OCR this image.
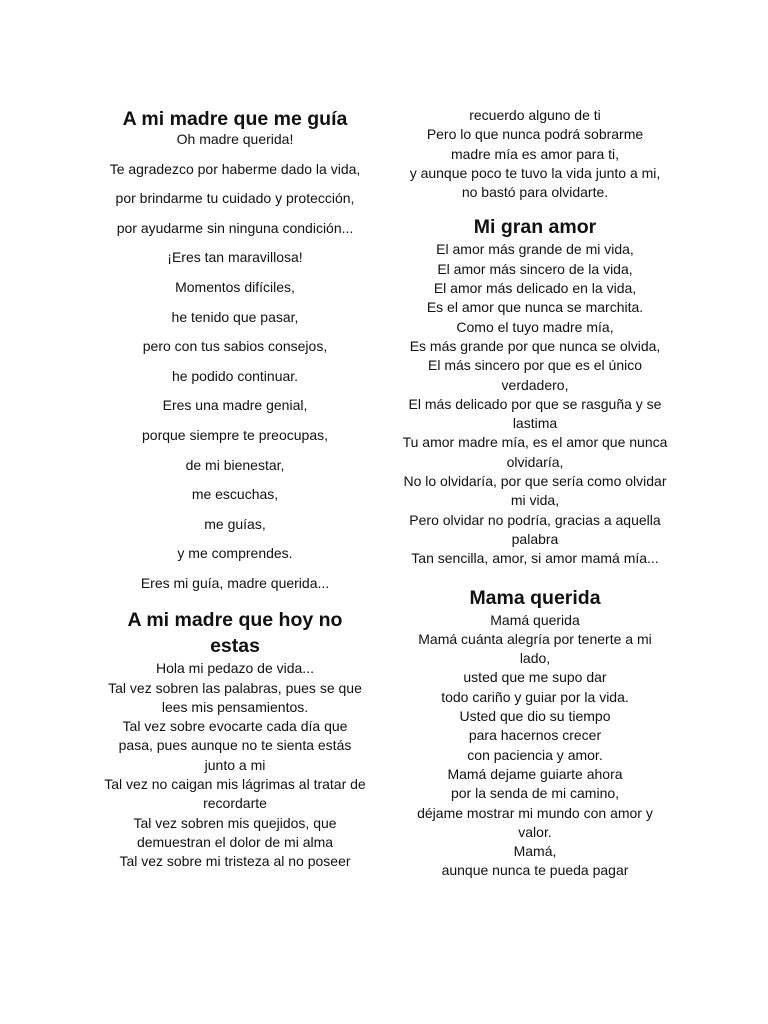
A mi madre que me guía

Oh madre querida!

Te agradezco por haberme dado la vida,

por brindarme tu cuidado y protección,

por ayudarme sin ninguna condición...

¡Eres tan maravillosa!

Momentos difíciles,

he tenido que pasar,

pero con tus sabios consejos,

he podido continuar.

Eres una madre genial,

porque siempre te preocupas,

de mi bienestar,

me escuchas,

me guías,

y me comprendes.

Eres mi guía, madre querida...

A mi madre que hoy no estas

Hola mi pedazo de vida...

Tal vez sobren las palabras, pues se que lees mis pensamientos.

Tal vez sobre evocarte cada día que pasa, pues aunque no te sienta estás junto a mi

Tal vez no caigan mis lágrimas al tratar de recordarte

Tal vez sobren mis quejidos, que demuestran el dolor de mi alma

Tal vez sobre mi tristeza al no poseer

recuerdo alguno de ti

Pero lo que nunca podrá sobrarme

madre mía es amor para ti,

y aunque poco te tuvo la vida junto a mi, no bastó para olvidarte.

Mi gran amor

El amor más grande de mi vida,

El amor más sincero de la vida,

El amor más delicado en la vida,

Es el amor que nunca se marchita.

Como el tuyo madre mía,

Es más grande por que nunca se olvida,

El más sincero por que es el único verdadero,

El más delicado por que se rasguña y se lastima

Tu amor madre mía, es el amor que nunca olvidaría,

No lo olvidaría, por que sería como olvidar mi vida,

Pero olvidar no podría, gracias a aquella palabra

Tan sencilla, amor, si amor mamá mía...

Mama querida

Mamá querida

Mamá cuánta alegría por tenerte a mi lado,

usted que me supo dar

todo cariño y guiar por la vida.

Usted que dio su tiempo

para hacernos crecer

con paciencia y amor.

Mamá dejame guiarte ahora

por la senda de mi camino,

déjame mostrar mi mundo con amor y valor.

Mamá,

aunque nunca te pueda pagar
